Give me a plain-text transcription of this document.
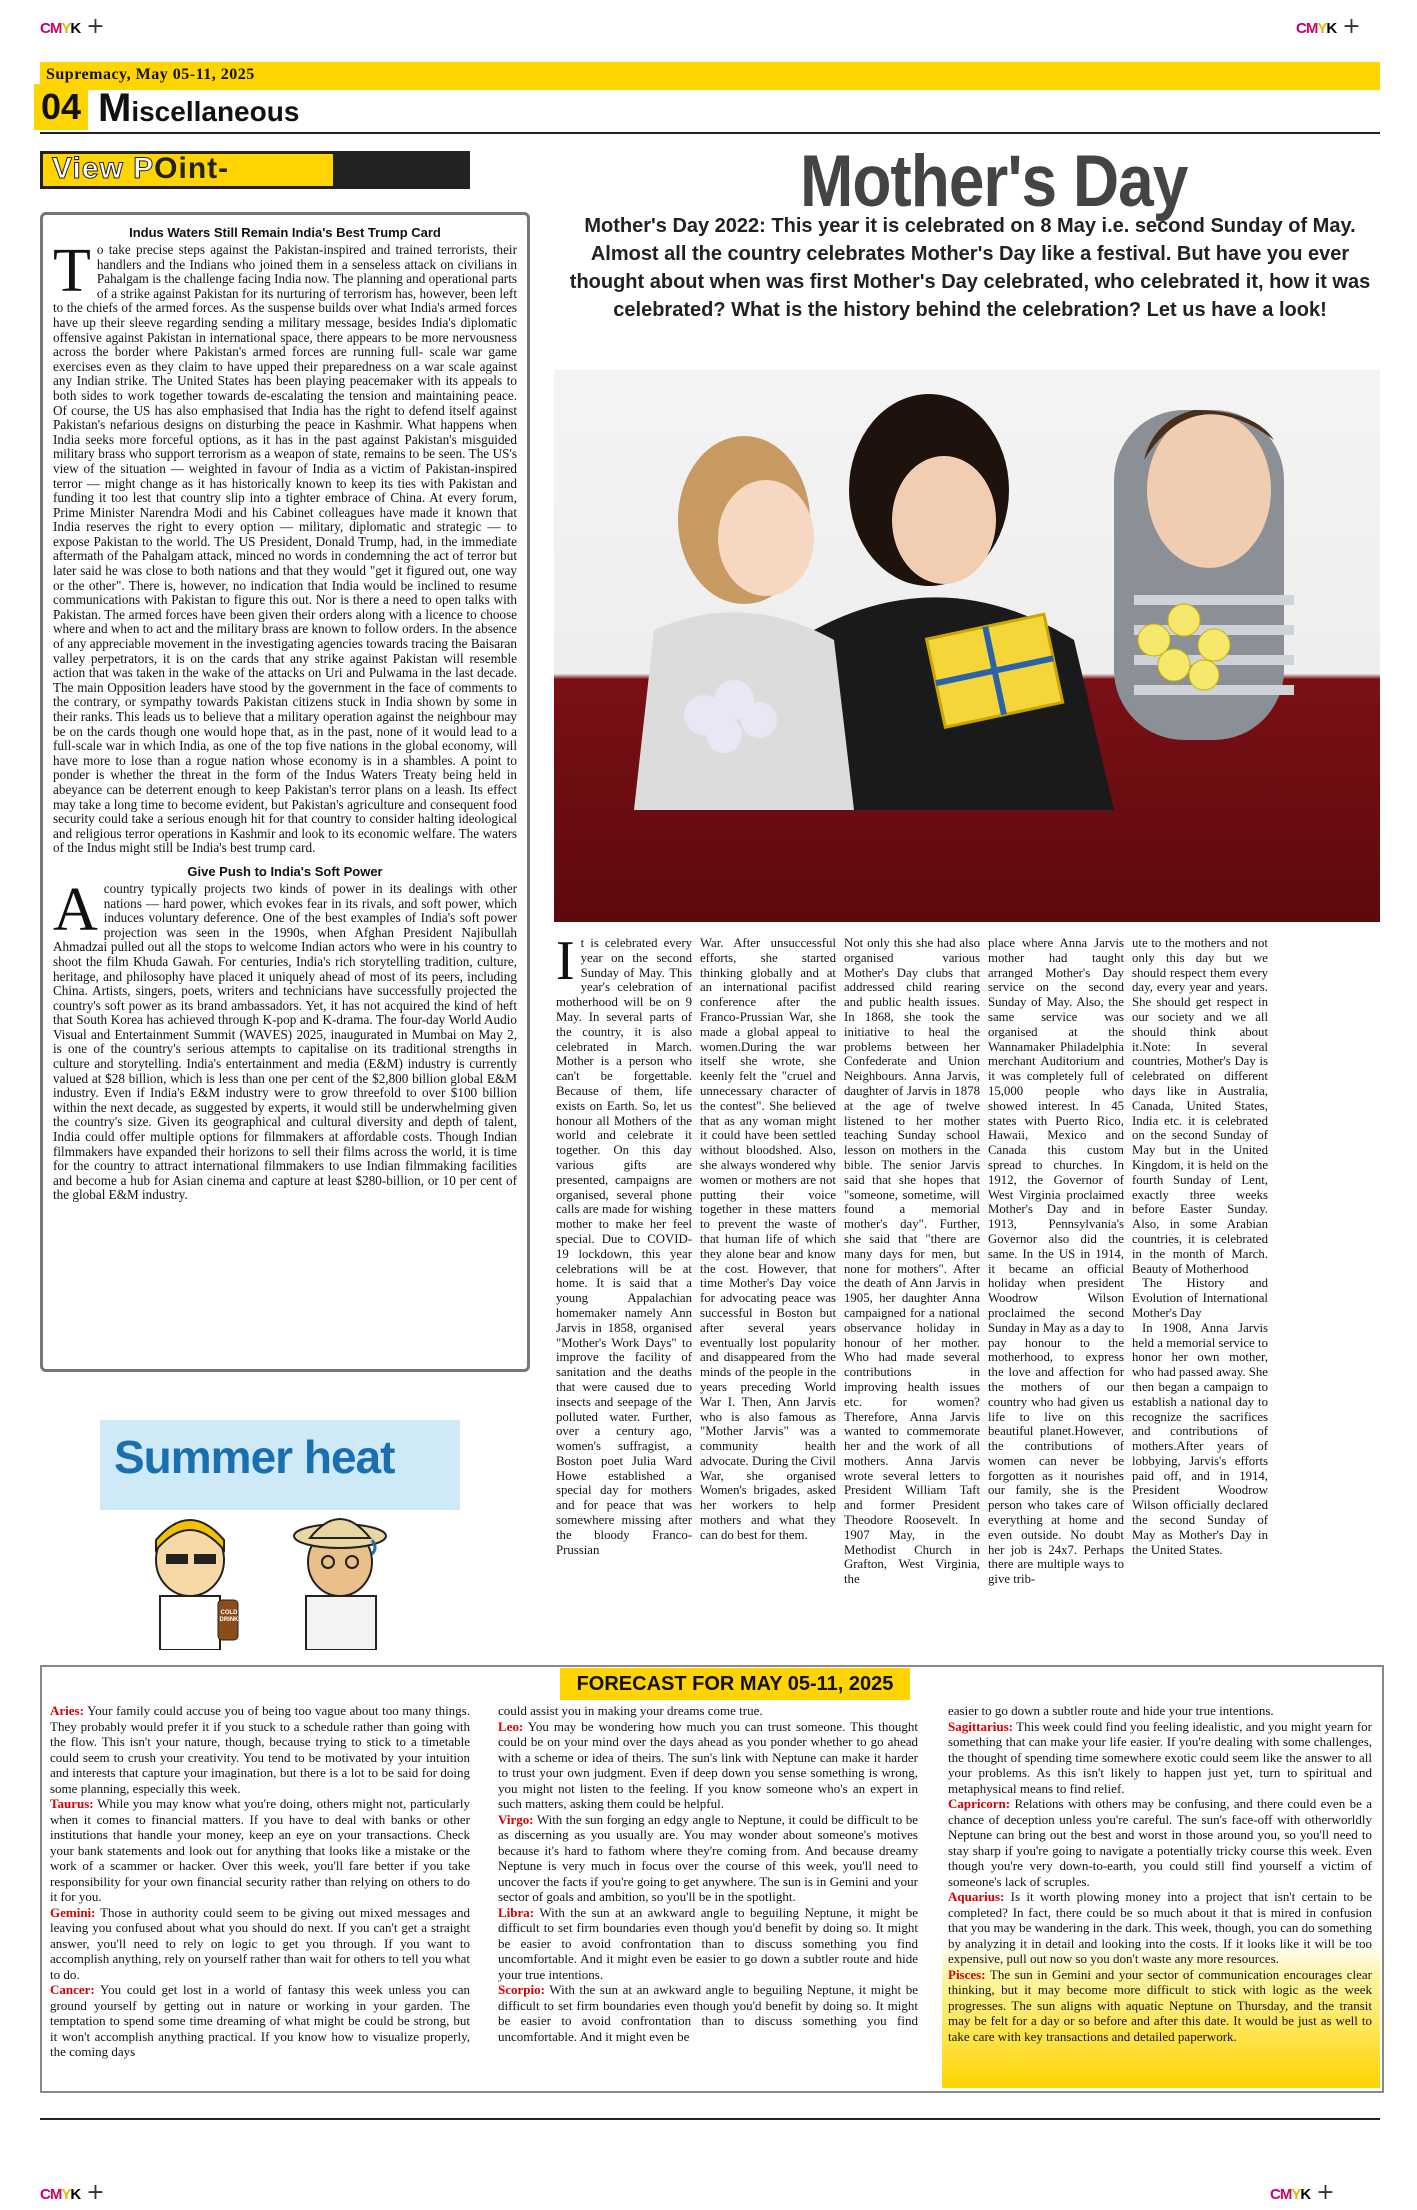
CMYK +	CMYK +
CMYK +	CMYK +
Supremacy, May 05-11, 2025
04 Miscellaneous
View POint-
Indus Waters Still Remain India's Best Trump Card
To take precise steps against the Pakistan-inspired and trained terrorists, their handlers and the Indians who joined them in a senseless attack on civilians in Pahalgam is the challenge facing India now. The planning and operational parts of a strike against Pakistan for its nurturing of terrorism has, however, been left to the chiefs of the armed forces. As the suspense builds over what India's armed forces have up their sleeve regarding sending a military message, besides India's diplomatic offensive against Pakistan in international space, there appears to be more nervousness across the border where Pakistan's armed forces are running full- scale war game exercises even as they claim to have upped their preparedness on a war scale against any Indian strike. The United States has been playing peacemaker with its appeals to both sides to work together towards de-escalating the tension and maintaining peace. Of course, the US has also emphasised that India has the right to defend itself against Pakistan's nefarious designs on disturbing the peace in Kashmir. What happens when India seeks more forceful options, as it has in the past against Pakistan's misguided military brass who support terrorism as a weapon of state, remains to be seen. The US's view of the situation — weighted in favour of India as a victim of Pakistan-inspired terror — might change as it has historically known to keep its ties with Pakistan and funding it too lest that country slip into a tighter embrace of China. At every forum, Prime Minister Narendra Modi and his Cabinet colleagues have made it known that India reserves the right to every option — military, diplomatic and strategic — to expose Pakistan to the world. The US President, Donald Trump, had, in the immediate aftermath of the Pahalgam attack, minced no words in condemning the act of terror but later said he was close to both nations and that they would "get it figured out, one way or the other". There is, however, no indication that India would be inclined to resume communications with Pakistan to figure this out. Nor is there a need to open talks with Pakistan. The armed forces have been given their orders along with a licence to choose where and when to act and the military brass are known to follow orders. In the absence of any appreciable movement in the investigating agencies towards tracing the Baisaran valley perpetrators, it is on the cards that any strike against Pakistan will resemble action that was taken in the wake of the attacks on Uri and Pulwama in the last decade. The main Opposition leaders have stood by the government in the face of comments to the contrary, or sympathy towards Pakistan citizens stuck in India shown by some in their ranks. This leads us to believe that a military operation against the neighbour may be on the cards though one would hope that, as in the past, none of it would lead to a full-scale war in which India, as one of the top five nations in the global economy, will have more to lose than a rogue nation whose economy is in a shambles. A point to ponder is whether the threat in the form of the Indus Waters Treaty being held in abeyance can be deterrent enough to keep Pakistan's terror plans on a leash. Its effect may take a long time to become evident, but Pakistan's agriculture and consequent food security could take a serious enough hit for that country to consider halting ideological and religious terror operations in Kashmir and look to its economic welfare. The waters of the Indus might still be India's best trump card.
Give Push to India's Soft Power
Acountry typically projects two kinds of power in its dealings with other nations — hard power, which evokes fear in its rivals, and soft power, which induces voluntary deference. One of the best examples of India's soft power projection was seen in the 1990s, when Afghan President Najibullah Ahmadzai pulled out all the stops to welcome Indian actors who were in his country to shoot the film Khuda Gawah. For centuries, India's rich storytelling tradition, culture, heritage, and philosophy have placed it uniquely ahead of most of its peers, including China. Artists, singers, poets, writers and technicians have successfully projected the country's soft power as its brand ambassadors. Yet, it has not acquired the kind of heft that South Korea has achieved through K-pop and K-drama. The four-day World Audio Visual and Entertainment Summit (WAVES) 2025, inaugurated in Mumbai on May 2, is one of the country's serious attempts to capitalise on its traditional strengths in culture and storytelling. India's entertainment and media (E&M) industry is currently valued at $28 billion, which is less than one per cent of the $2,800 billion global E&M industry. Even if India's E&M industry were to grow threefold to over $100 billion within the next decade, as suggested by experts, it would still be underwhelming given the country's size. Given its geographical and cultural diversity and depth of talent, India could offer multiple options for filmmakers at affordable costs. Though Indian filmmakers have expanded their horizons to sell their films across the world, it is time for the country to attract international filmmakers to use Indian filmmaking facilities and become a hub for Asian cinema and capture at least $280-billion, or 10 per cent of the global E&M industry.
Summer heat
COLD DRINK
Mother's Day
Mother's Day 2022: This year it is celebrated on 8 May i.e. second Sunday of May. Almost all the country celebrates Mother's Day like a festival. But have you ever thought about when was first Mother's Day celebrated, who celebrated it, how it was celebrated? What is the history behind the celebration? Let us have a look!
It is celebrated every year on the second Sunday of May. This year's celebration of motherhood will be on 9 May. In several parts of the country, it is also celebrated in March. Mother is a person who can't be forgettable. Because of them, life exists on Earth. So, let us honour all Mothers of the world and celebrate it together. On this day various gifts are presented, campaigns are organised, several phone calls are made for wishing mother to make her feel special. Due to COVID-19 lockdown, this year celebrations will be at home. It is said that a young Appalachian homemaker namely Ann Jarvis in 1858, organised "Mother's Work Days" to improve the facility of sanitation and the deaths that were caused due to insects and seepage of the polluted water. Further, over a century ago, women's suffragist, a Boston poet Julia Ward Howe established a special day for mothers and for peace that was somewhere missing after the bloody Franco-Prussian
War. After unsuccessful efforts, she started thinking globally and at an international pacifist conference after the Franco-Prussian War, she made a global appeal to women.During the war itself she wrote, she keenly felt the "cruel and unnecessary character of the contest". She believed that as any woman might it could have been settled without bloodshed. Also, she always wondered why women or mothers are not putting their voice together in these matters to prevent the waste of that human life of which they alone bear and know the cost. However, that time Mother's Day voice for advocating peace was successful in Boston but after several years eventually lost popularity and disappeared from the minds of the people in the years preceding World War I. Then, Ann Jarvis who is also famous as "Mother Jarvis" was a community health advocate. During the Civil War, she organised Women's brigades, asked her workers to help mothers and what they can do best for them.
Not only this she had also organised various Mother's Day clubs that addressed child rearing and public health issues. In 1868, she took the initiative to heal the problems between her Confederate and Union Neighbours. Anna Jarvis, daughter of Jarvis in 1878 at the age of twelve listened to her mother teaching Sunday school lesson on mothers in the bible. The senior Jarvis said that she hopes that "someone, sometime, will found a memorial mother's day". Further, she said that "there are many days for men, but none for mothers". After the death of Ann Jarvis in 1905, her daughter Anna campaigned for a national observance holiday in honour of her mother. Who had made several contributions in improving health issues etc. for women? Therefore, Anna Jarvis wanted to commemorate her and the work of all mothers. Anna Jarvis wrote several letters to President William Taft and former President Theodore Roosevelt. In 1907 May, in the Methodist Church in Grafton, West Virginia, the
place where Anna Jarvis mother had taught arranged Mother's Day service on the second Sunday of May. Also, the same service was organised at the Wannamaker Philadelphia merchant Auditorium and it was completely full of 15,000 people who showed interest. In 45 states with Puerto Rico, Hawaii, Mexico and Canada this custom spread to churches. In 1912, the Governor of West Virginia proclaimed Mother's Day and in 1913, Pennsylvania's Governor also did the same. In the US in 1914, it became an official holiday when president Woodrow Wilson proclaimed the second Sunday in May as a day to pay honour to the motherhood, to express the love and affection for the mothers of our country who had given us life to live on this beautiful planet.However, the contributions of women can never be forgotten as it nourishes our family, she is the person who takes care of everything at home and even outside. No doubt her job is 24x7. Perhaps there are multiple ways to give trib-
ute to the mothers and not only this day but we should respect them every day, every year and years. She should get respect in our society and we all should think about it.Note: In several countries, Mother's Day is celebrated on different days like in Australia, Canada, United States, India etc. it is celebrated on the second Sunday of May but in the United Kingdom, it is held on the fourth Sunday of Lent, exactly three weeks before Easter Sunday. Also, in some Arabian countries, it is celebrated in the month of March. Beauty of Motherhood
The History and Evolution of International Mother's Day
In 1908, Anna Jarvis held a memorial service to honor her own mother, who had passed away. She then began a campaign to establish a national day to recognize the sacrifices and contributions of mothers.After years of lobbying, Jarvis's efforts paid off, and in 1914, President Woodrow Wilson officially declared the second Sunday of May as Mother's Day in the United States.
FORECAST FOR MAY 05-11, 2025
Aries: Your family could accuse you of being too vague about too many things. They probably would prefer it if you stuck to a schedule rather than going with the flow. This isn't your nature, though, because trying to stick to a timetable could seem to crush your creativity. You tend to be motivated by your intuition and interests that capture your imagination, but there is a lot to be said for doing some planning, especially this week.
Taurus: While you may know what you're doing, others might not, particularly when it comes to financial matters. If you have to deal with banks or other institutions that handle your money, keep an eye on your transactions. Check your bank statements and look out for anything that looks like a mistake or the work of a scammer or hacker. Over this week, you'll fare better if you take responsibility for your own financial security rather than relying on others to do it for you.
Gemini: Those in authority could seem to be giving out mixed messages and leaving you confused about what you should do next. If you can't get a straight answer, you'll need to rely on logic to get you through. If you want to accomplish anything, rely on yourself rather than wait for others to tell you what to do.
Cancer: You could get lost in a world of fantasy this week unless you can ground yourself by getting out in nature or working in your garden. The temptation to spend some time dreaming of what might be could be strong, but it won't accomplish anything practical. If you know how to visualize properly, the coming days
could assist you in making your dreams come true.
Leo: You may be wondering how much you can trust someone. This thought could be on your mind over the days ahead as you ponder whether to go ahead with a scheme or idea of theirs. The sun's link with Neptune can make it harder to trust your own judgment. Even if deep down you sense something is wrong, you might not listen to the feeling. If you know someone who's an expert in such matters, asking them could be helpful.
Virgo: With the sun forging an edgy angle to Neptune, it could be difficult to be as discerning as you usually are. You may wonder about someone's motives because it's hard to fathom where they're coming from. And because dreamy Neptune is very much in focus over the course of this week, you'll need to uncover the facts if you're going to get anywhere. The sun is in Gemini and your sector of goals and ambition, so you'll be in the spotlight.
Libra: With the sun at an awkward angle to beguiling Neptune, it might be difficult to set firm boundaries even though you'd benefit by doing so. It might be easier to avoid confrontation than to discuss something you find uncomfortable. And it might even be easier to go down a subtler route and hide your true intentions.
Scorpio: With the sun at an awkward angle to beguiling Neptune, it might be difficult to set firm boundaries even though you'd benefit by doing so. It might be easier to avoid confrontation than to discuss something you find uncomfortable. And it might even be
easier to go down a subtler route and hide your true intentions.
Sagittarius: This week could find you feeling idealistic, and you might yearn for something that can make your life easier. If you're dealing with some challenges, the thought of spending time somewhere exotic could seem like the answer to all your problems. As this isn't likely to happen just yet, turn to spiritual and metaphysical means to find relief.
Capricorn: Relations with others may be confusing, and there could even be a chance of deception unless you're careful. The sun's face-off with otherworldly Neptune can bring out the best and worst in those around you, so you'll need to stay sharp if you're going to navigate a potentially tricky course this week. Even though you're very down-to-earth, you could still find yourself a victim of someone's lack of scruples.
Aquarius: Is it worth plowing money into a project that isn't certain to be completed? In fact, there could be so much about it that is mired in confusion that you may be wandering in the dark. This week, though, you can do something by analyzing it in detail and looking into the costs. If it looks like it will be too expensive, pull out now so you don't waste any more resources.
Pisces: The sun in Gemini and your sector of communication encourages clear thinking, but it may become more difficult to stick with logic as the week progresses. The sun aligns with aquatic Neptune on Thursday, and the transit may be felt for a day or so before and after this date. It would be just as well to take care with key transactions and detailed paperwork.
